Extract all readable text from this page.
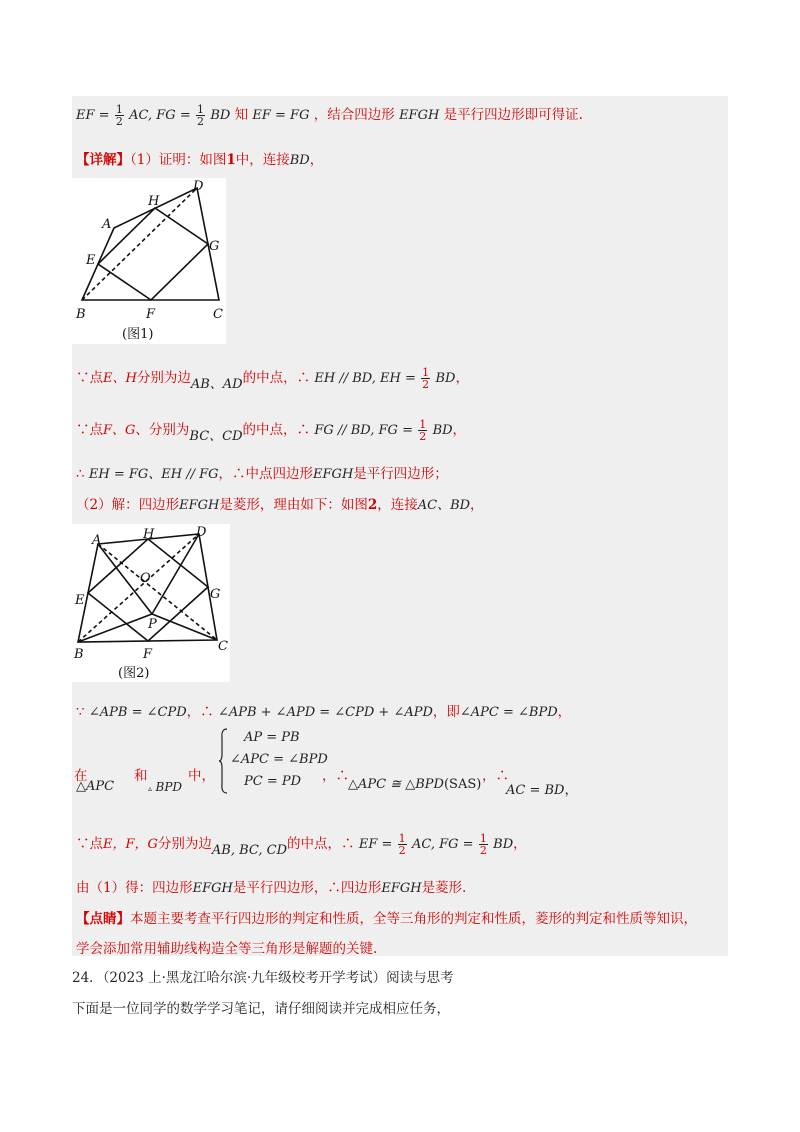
EF = $\frac{1}{2}$ AC, FG = $\frac{1}{2}$ BD 知 EF = FG ，结合四边形 EFGH 是平行四边形即可得证.
【详解】（1）证明：如图1中，连接BD，
A
B	C
D
E
F
G
H
(图1)
∵点E、H分别为边AB、AD的中点，∴ EH // BD, EH = $\frac{1}{2}$ BD，
∵点F、G、分别为BC、CD的中点，∴ FG // BD, FG = $\frac{1}{2}$ BD，
∴ EH = FG、EH // FG，∴中点四边形EFGH是平行四边形；
（2）解：四边形EFGH是菱形，理由如下：如图2，连接AC、BD，
A
B
C
D
E
F
G
H
O
P
(图2)
∵ ∠APB = ∠CPD，∴ ∠APB + ∠APD = ∠CPD + ∠APD，即∠APC = ∠BPD，
在
△APC
和
▵ BPD
中，
AP = PB
∠APC = ∠BPD
PC = PD ，∴
△APC ≅ △BPD(SAS)
，∴
AC = BD，
∵点E，F，G分别为边AB, BC, CD的中点，∴ EF = $\frac{1}{2}$ AC, FG = $\frac{1}{2}$ BD，
由（1）得：四边形EFGH是平行四边形，∴四边形EFGH是菱形.
【点睛】本题主要考查平行四边形的判定和性质，全等三角形的判定和性质，菱形的判定和性质等知识，
学会添加常用辅助线构造全等三角形是解题的关键.
24．（2023 上·黑龙江哈尔滨·九年级校考开学考试）阅读与思考
下面是一位同学的数学学习笔记，请仔细阅读并完成相应任务，
